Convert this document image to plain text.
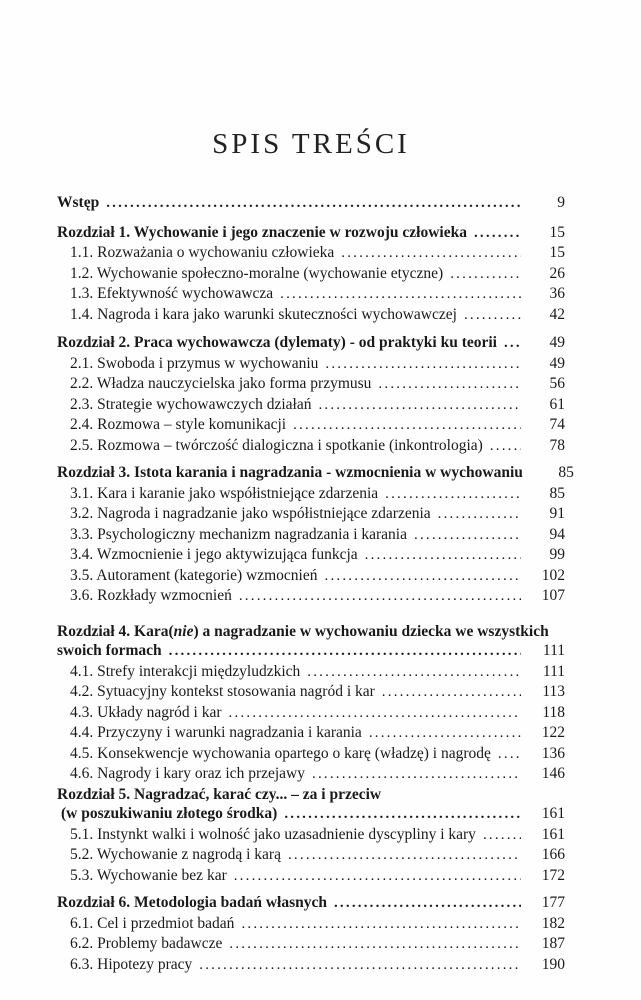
SPIS TREŚCI
Wstęp .....	9
Rozdział 1. Wychowanie i jego znaczenie w rozwoju człowieka .....	15
1.1. Rozważania o wychowaniu człowieka .....	15
1.2. Wychowanie społeczno-moralne (wychowanie etyczne) .....	26
1.3. Efektywność wychowawcza .....	36
1.4. Nagroda i kara jako warunki skuteczności wychowawczej .....	42
Rozdział 2. Praca wychowawcza (dylematy) - od praktyki ku teorii .....	49
2.1. Swoboda i przymus w wychowaniu .....	49
2.2. Władza nauczycielska jako forma przymusu .....	56
2.3. Strategie wychowawczych działań .....	61
2.4. Rozmowa – style komunikacji .....	74
2.5. Rozmowa – twórczość dialogiczna i spotkanie (inkontrologia) .....	78
Rozdział 3. Istota karania i nagradzania - wzmocnienia w wychowaniu	85
3.1. Kara i karanie jako współistniejące zdarzenia .....	85
3.2. Nagroda i nagradzanie jako współistniejące zdarzenia .....	91
3.3. Psychologiczny mechanizm nagradzania i karania .....	94
3.4. Wzmocnienie i jego aktywizująca funkcja .....	99
3.5. Autorament (kategorie) wzmocnień .....	102
3.6. Rozkłady wzmocnień .....	107
Rozdział 4. Kara(nie) a nagradzanie w wychowaniu dziecka we wszystkich
swoich formach .....	111
4.1. Strefy interakcji międzyludzkich .....	111
4.2. Sytuacyjny kontekst stosowania nagród i kar .....	113
4.3. Układy nagród i kar .....	118
4.4. Przyczyny i warunki nagradzania i karania .....	122
4.5. Konsekwencje wychowania opartego o karę (władzę) i nagrodę .....	136
4.6. Nagrody i kary oraz ich przejawy .....	146
Rozdział 5. Nagradzać, karać czy... – za i przeciw
(w poszukiwaniu złotego środka) .....	161
5.1. Instynkt walki i wolność jako uzasadnienie dyscypliny i kary .....	161
5.2. Wychowanie z nagrodą i karą .....	166
5.3. Wychowanie bez kar .....	172
Rozdział 6. Metodologia badań własnych .....	177
6.1. Cel i przedmiot badań .....	182
6.2. Problemy badawcze .....	187
6.3. Hipotezy pracy .....	190
